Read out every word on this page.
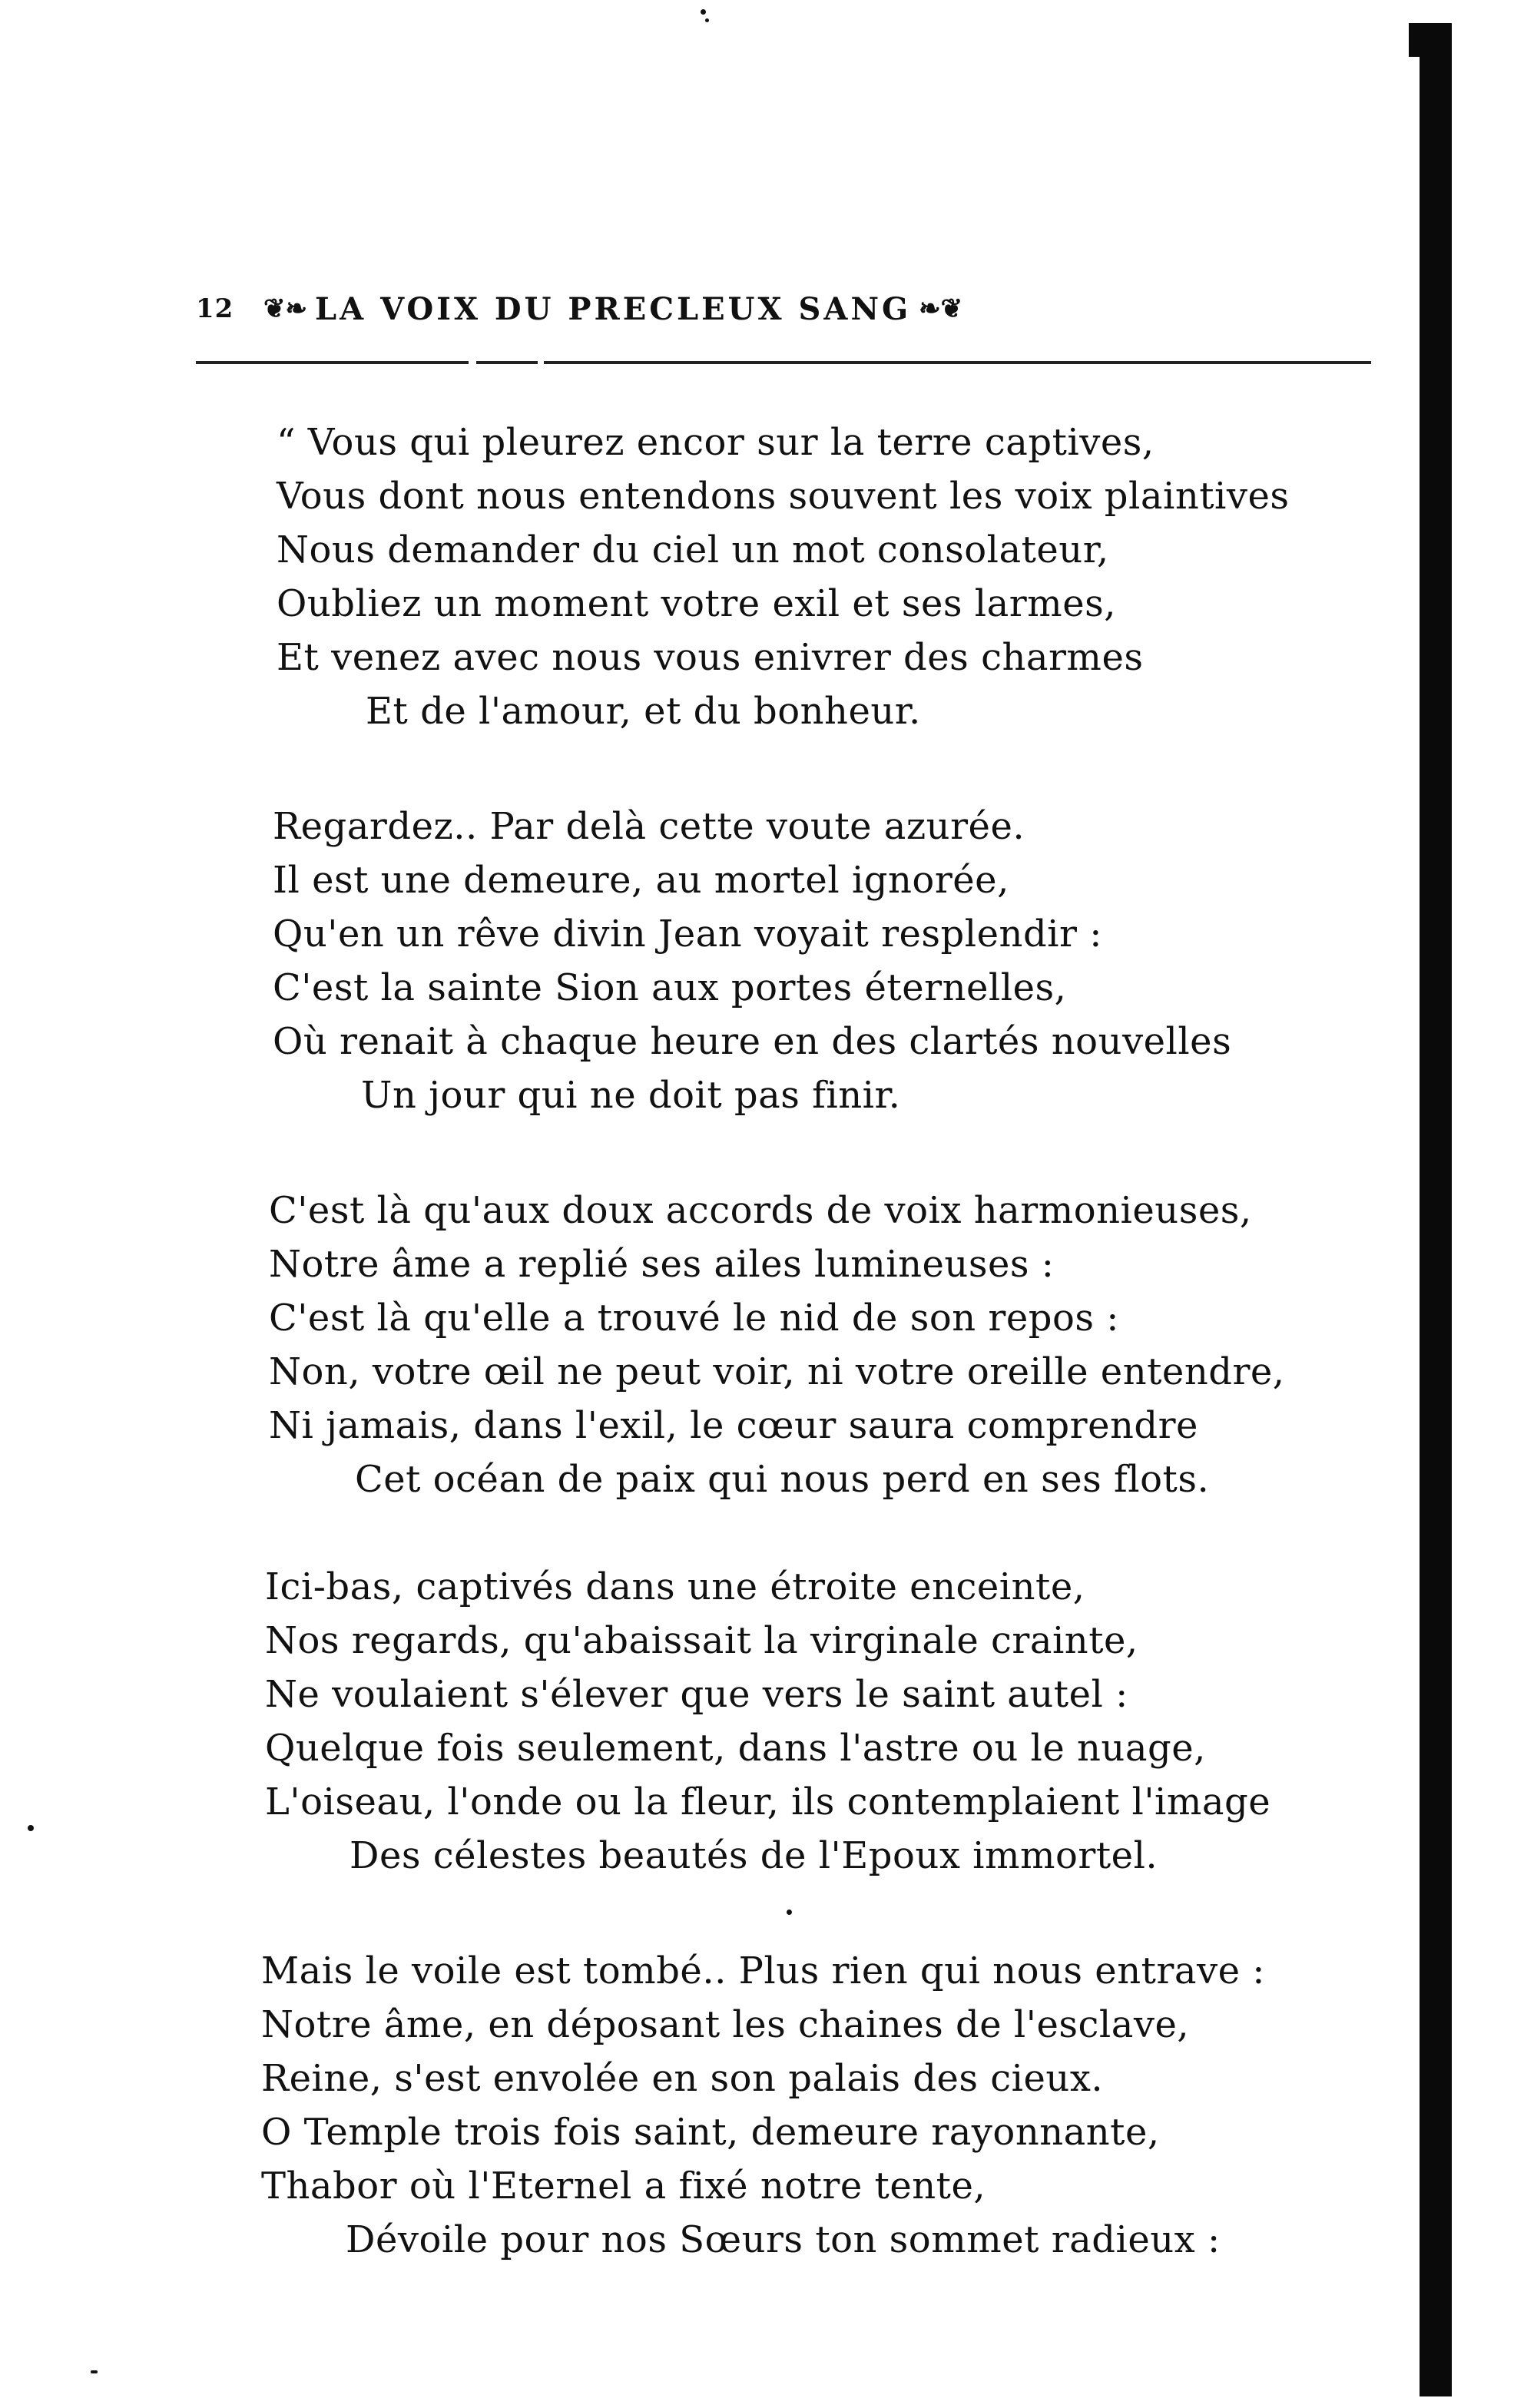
12	❦❧ LA VOIX DU PRECLEUX SANG ❧❦
“ Vous qui pleurez encor sur la terre captives,
Vous dont nous entendons souvent les voix plaintives
Nous demander du ciel un mot consolateur,
Oubliez un moment votre exil et ses larmes,
Et venez avec nous vous enivrer des charmes
Et de l'amour, et du bonheur.
Regardez.. Par delà cette voute azurée.
Il est une demeure, au mortel ignorée,
Qu'en un rêve divin Jean voyait resplendir :
C'est la sainte Sion aux portes éternelles,
Où renait à chaque heure en des clartés nouvelles
Un jour qui ne doit pas finir.
C'est là qu'aux doux accords de voix harmonieuses,
Notre âme a replié ses ailes lumineuses :
C'est là qu'elle a trouvé le nid de son repos :
Non, votre œil ne peut voir, ni votre oreille entendre,
Ni jamais, dans l'exil, le cœur saura comprendre
Cet océan de paix qui nous perd en ses flots.
Ici-bas, captivés dans une étroite enceinte,
Nos regards, qu'abaissait la virginale crainte,
Ne voulaient s'élever que vers le saint autel :
Quelque fois seulement, dans l'astre ou le nuage,
L'oiseau, l'onde ou la fleur, ils contemplaient l'image
Des célestes beautés de l'Epoux immortel.
Mais le voile est tombé.. Plus rien qui nous entrave :
Notre âme, en déposant les chaines de l'esclave,
Reine, s'est envolée en son palais des cieux.
O Temple trois fois saint, demeure rayonnante,
Thabor où l'Eternel a fixé notre tente,
Dévoile pour nos Sœurs ton sommet radieux :
